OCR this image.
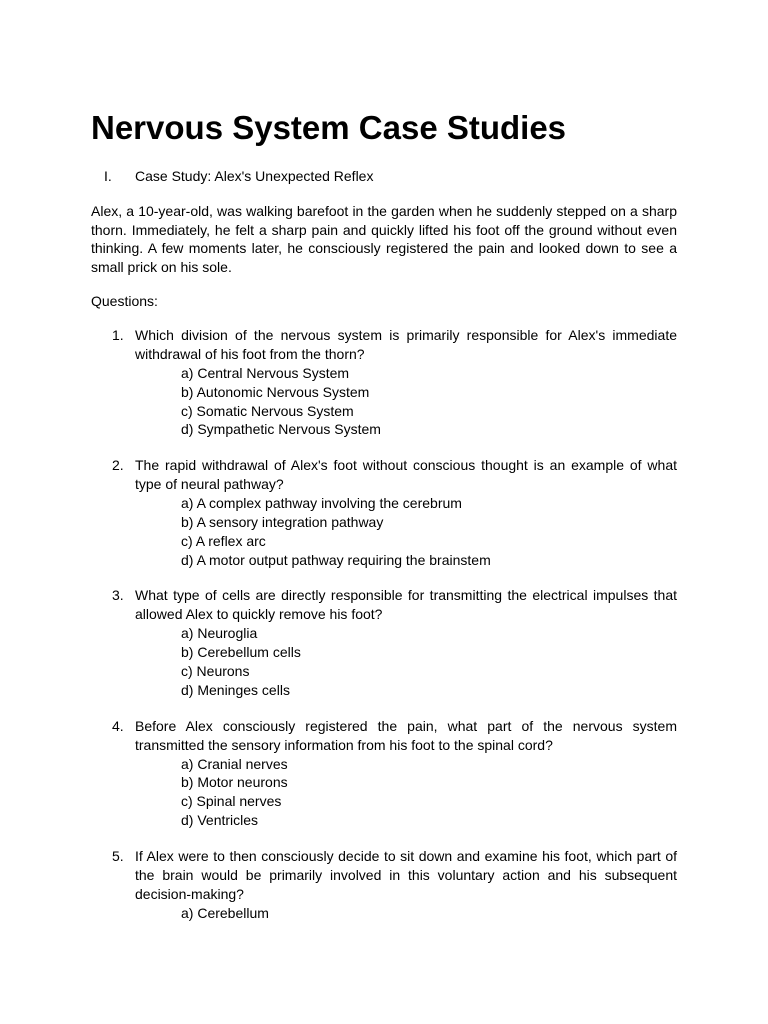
Nervous System Case Studies
I. Case Study: Alex's Unexpected Reflex

Alex, a 10-year-old, was walking barefoot in the garden when he suddenly stepped on a sharp thorn. Immediately, he felt a sharp pain and quickly lifted his foot off the ground without even thinking. A few moments later, he consciously registered the pain and looked down to see a small prick on his sole.

Questions:
1. Which division of the nervous system is primarily responsible for Alex's immediate withdrawal of his foot from the thorn?

a) Central Nervous System
b) Autonomic Nervous System
c) Somatic Nervous System
d) Sympathetic Nervous System
2. The rapid withdrawal of Alex's foot without conscious thought is an example of what type of neural pathway?

a) A complex pathway involving the cerebrum
b) A sensory integration pathway
c) A reflex arc
d) A motor output pathway requiring the brainstem
3. What type of cells are directly responsible for transmitting the electrical impulses that allowed Alex to quickly remove his foot?

a) Neuroglia
b) Cerebellum cells
c) Neurons
d) Meninges cells
4. Before Alex consciously registered the pain, what part of the nervous system transmitted the sensory information from his foot to the spinal cord?

a) Cranial nerves
b) Motor neurons
c) Spinal nerves
d) Ventricles
5. If Alex were to then consciously decide to sit down and examine his foot, which part of the brain would be primarily involved in this voluntary action and his subsequent decision-making?

a) Cerebellum
